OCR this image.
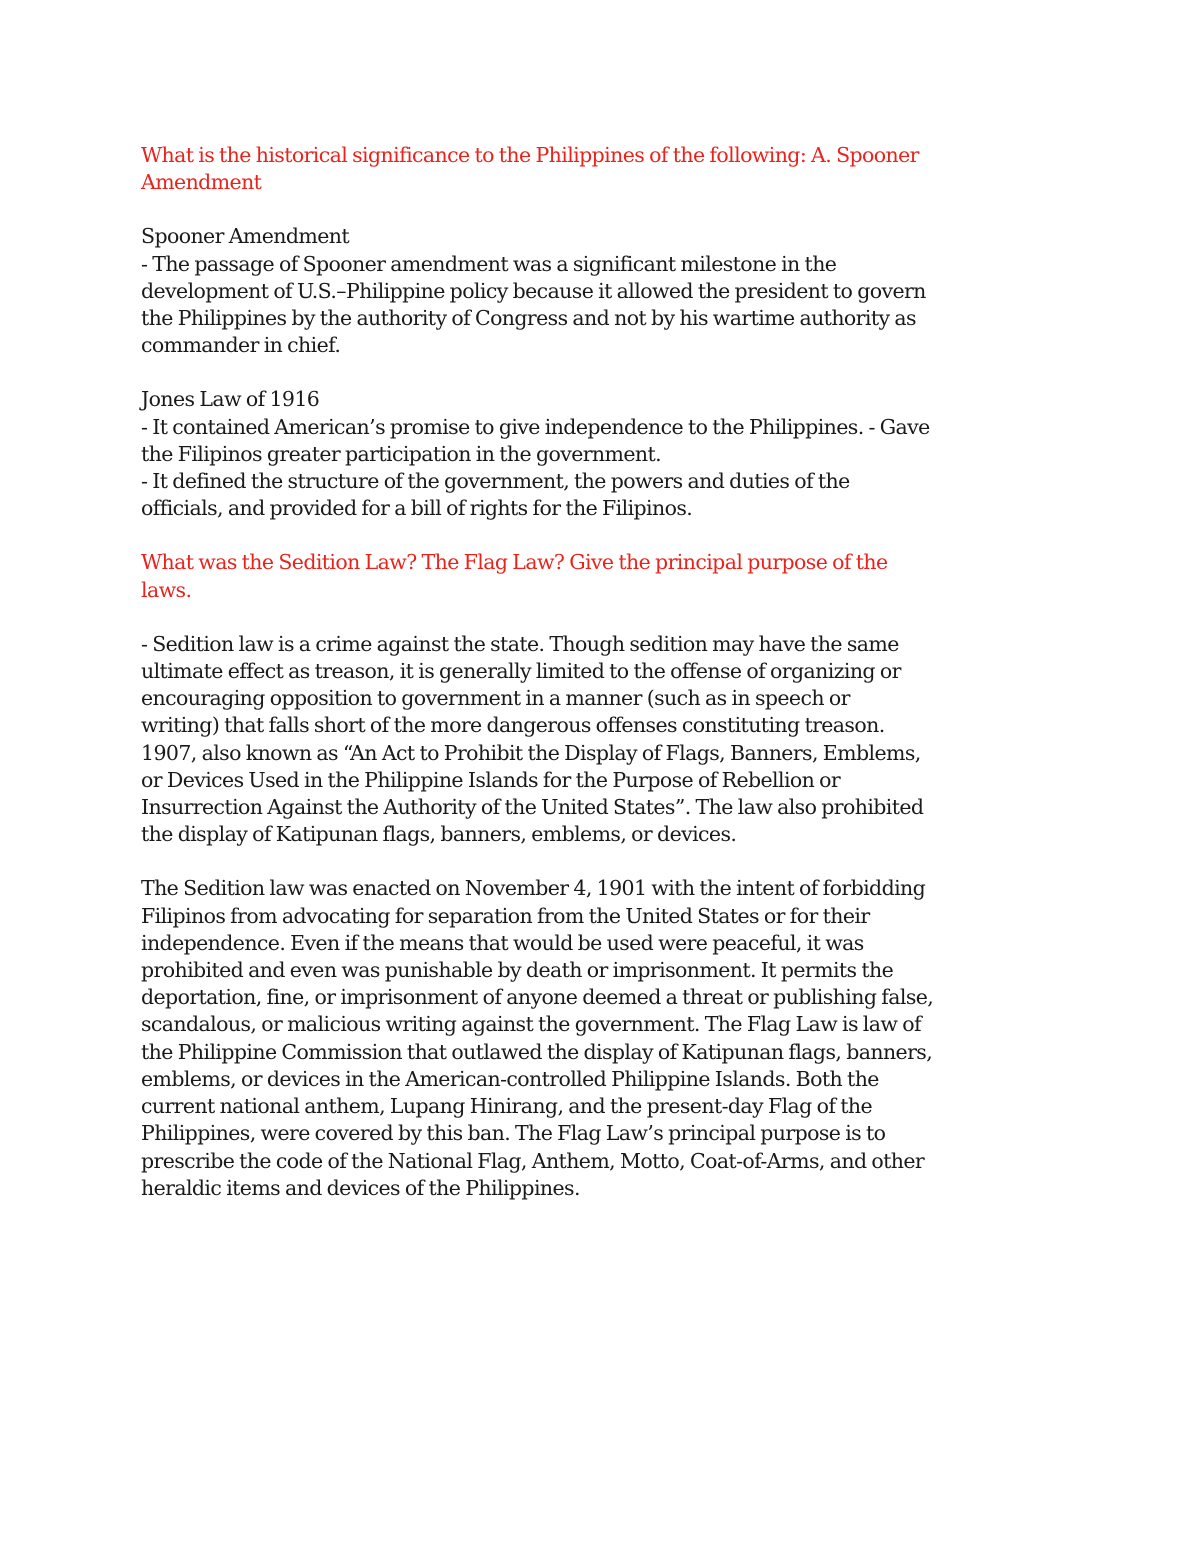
What is the historical significance to the Philippines of the following: A. Spooner
Amendment
Spooner Amendment
- The passage of Spooner amendment was a significant milestone in the
development of U.S.–Philippine policy because it allowed the president to govern
the Philippines by the authority of Congress and not by his wartime authority as
commander in chief.
Jones Law of 1916
- It contained American’s promise to give independence to the Philippines. - Gave
the Filipinos greater participation in the government.
- It defined the structure of the government, the powers and duties of the
officials, and provided for a bill of rights for the Filipinos.
What was the Sedition Law? The Flag Law? Give the principal purpose of the
laws.
- Sedition law is a crime against the state. Though sedition may have the same
ultimate effect as treason, it is generally limited to the offense of organizing or
encouraging opposition to government in a manner (such as in speech or
writing) that falls short of the more dangerous offenses constituting treason.
1907, also known as “An Act to Prohibit the Display of Flags, Banners, Emblems,
or Devices Used in the Philippine Islands for the Purpose of Rebellion or
Insurrection Against the Authority of the United States”. The law also prohibited
the display of Katipunan flags, banners, emblems, or devices.
The Sedition law was enacted on November 4, 1901 with the intent of forbidding
Filipinos from advocating for separation from the United States or for their
independence. Even if the means that would be used were peaceful, it was
prohibited and even was punishable by death or imprisonment. It permits the
deportation, fine, or imprisonment of anyone deemed a threat or publishing false,
scandalous, or malicious writing against the government. The Flag Law is law of
the Philippine Commission that outlawed the display of Katipunan flags, banners,
emblems, or devices in the American-controlled Philippine Islands. Both the
current national anthem, Lupang Hinirang, and the present-day Flag of the
Philippines, were covered by this ban. The Flag Law’s principal purpose is to
prescribe the code of the National Flag, Anthem, Motto, Coat-of-Arms, and other
heraldic items and devices of the Philippines.
